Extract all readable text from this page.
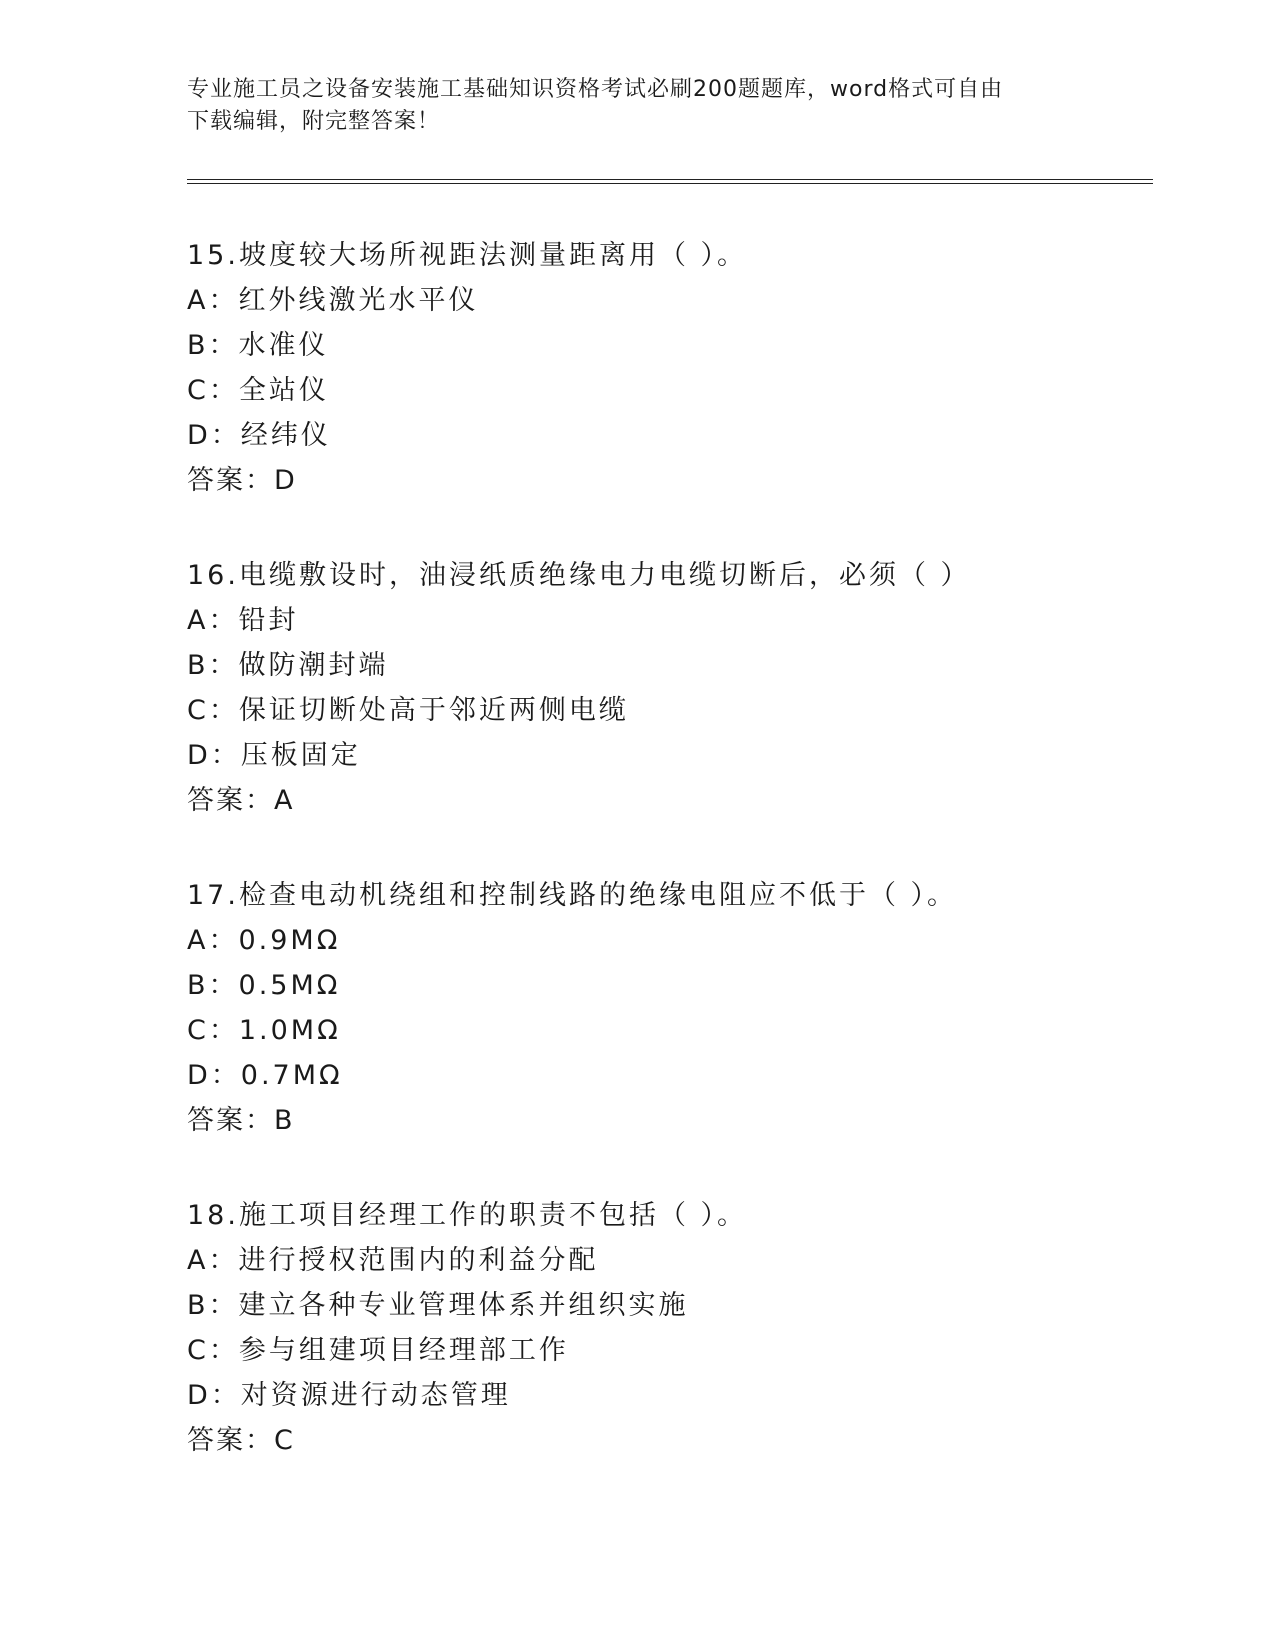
专业施工员之设备安装施工基础知识资格考试必刷200题题库，word格式可自由
下载编辑，附完整答案！
15.坡度较大场所视距法测量距离用（ ）。
A：红外线激光水平仪
B：水准仪
C：全站仪
D：经纬仪
答案：D
16.电缆敷设时，油浸纸质绝缘电力电缆切断后，必须（ ）
A：铅封
B：做防潮封端
C：保证切断处高于邻近两侧电缆
D：压板固定
答案：A
17.检查电动机绕组和控制线路的绝缘电阻应不低于（ ）。
A：0.9MΩ
B：0.5MΩ
C：1.0MΩ
D：0.7MΩ
答案：B
18.施工项目经理工作的职责不包括（ ）。
A：进行授权范围内的利益分配
B：建立各种专业管理体系并组织实施
C：参与组建项目经理部工作
D：对资源进行动态管理
答案：C
